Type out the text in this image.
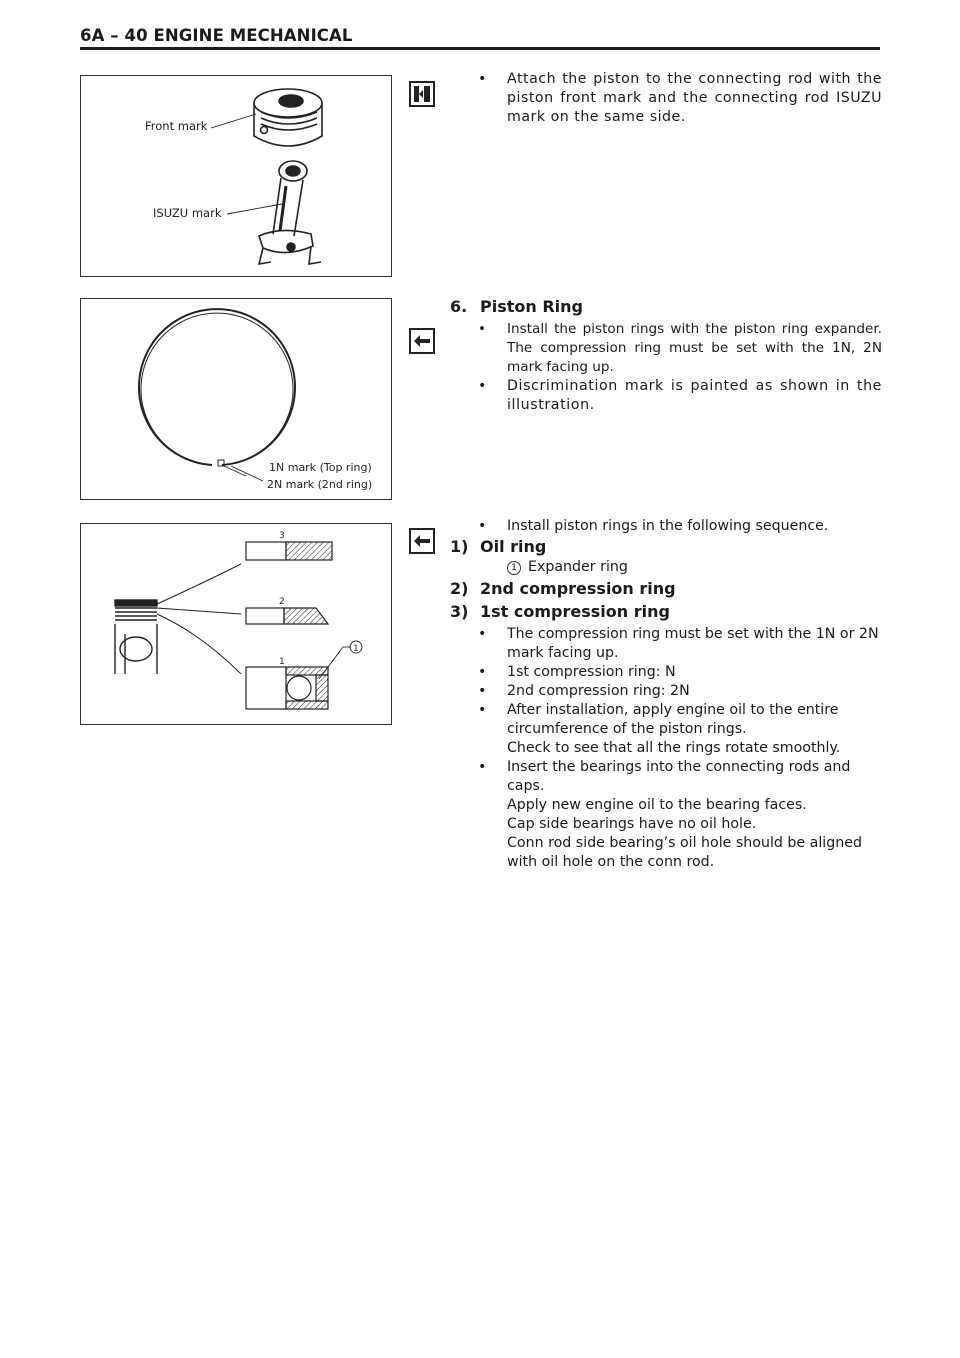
6A – 40 ENGINE MECHANICAL
Front mark
ISUZU mark
1N mark (Top ring)
2N mark (2nd ring)
1
3
2
1
• Attach the piston to the connecting rod with the piston front mark and the connecting rod ISUZU mark on the same side.
6. Piston Ring
• Install the piston rings with the piston ring expander. The compression ring must be set with the 1N, 2N mark facing up.
• Discrimination mark is painted as shown in the illustration.
• Install piston rings in the following sequence.
1) Oil ring
1 Expander ring
2) 2nd compression ring
3) 1st compression ring
• The compression ring must be set with the 1N or 2N mark facing up.
• 1st compression ring: N
• 2nd compression ring: 2N
• After installation, apply engine oil to the entire circumference of the piston rings.
Check to see that all the rings rotate smoothly.
• Insert the bearings into the connecting rods and caps.
Apply new engine oil to the bearing faces.
Cap side bearings have no oil hole.
Conn rod side bearing’s oil hole should be aligned with oil hole on the conn rod.
